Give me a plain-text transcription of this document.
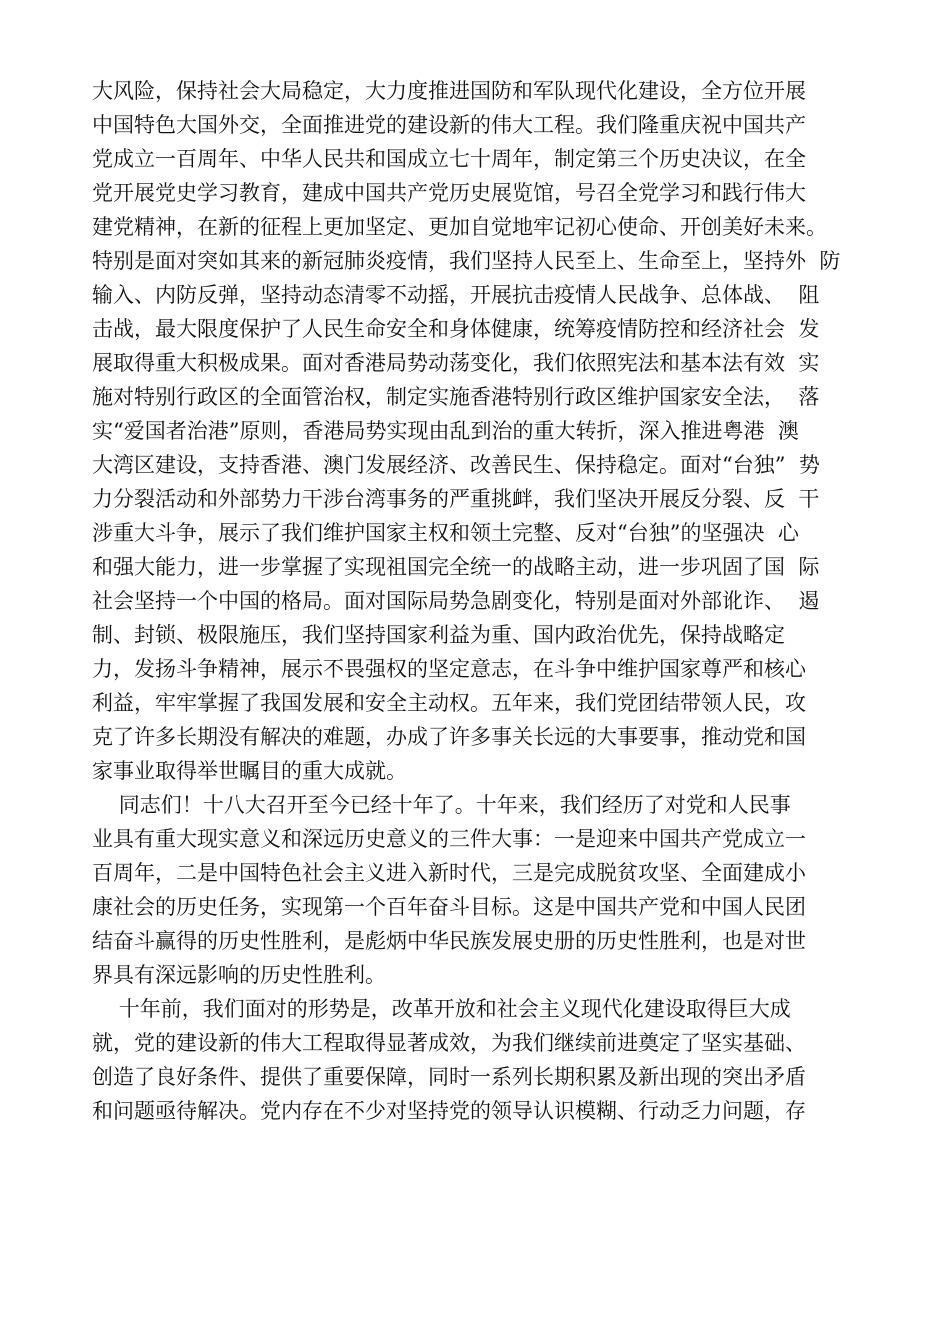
大风险，保持社会大局稳定，大力度推进国防和军队现代化建设，全方位开展
中国特色大国外交，全面推进党的建设新的伟大工程。我们隆重庆祝中国共产
党成立一百周年、中华人民共和国成立七十周年，制定第三个历史决议，在全
党开展党史学习教育，建成中国共产党历史展览馆，号召全党学习和践行伟大
建党精神，在新的征程上更加坚定、更加自觉地牢记初心使命、开创美好未来。
特别是面对突如其来的新冠肺炎疫情，我们坚持人民至上、生命至上，坚持外  防
输入、内防反弹，坚持动态清零不动摇，开展抗击疫情人民战争、总体战、  阻
击战，最大限度保护了人民生命安全和身体健康，统筹疫情防控和经济社会  发
展取得重大积极成果。面对香港局势动荡变化，我们依照宪法和基本法有效  实
施对特别行政区的全面管治权，制定实施香港特别行政区维护国家安全法，  落
实“爱国者治港”原则，香港局势实现由乱到治的重大转折，深入推进粤港  澳
大湾区建设，支持香港、澳门发展经济、改善民生、保持稳定。面对“台独”  势
力分裂活动和外部势力干涉台湾事务的严重挑衅，我们坚决开展反分裂、反  干
涉重大斗争，展示了我们维护国家主权和领土完整、反对“台独”的坚强决  心
和强大能力，进一步掌握了实现祖国完全统一的战略主动，进一步巩固了国  际
社会坚持一个中国的格局。面对国际局势急剧变化，特别是面对外部讹诈、  遏
制、封锁、极限施压，我们坚持国家利益为重、国内政治优先，保持战略定
力，发扬斗争精神，展示不畏强权的坚定意志，在斗争中维护国家尊严和核心
利益，牢牢掌握了我国发展和安全主动权。五年来，我们党团结带领人民，攻
克了许多长期没有解决的难题，办成了许多事关长远的大事要事，推动党和国
家事业取得举世瞩目的重大成就。
同志们！十八大召开至今已经十年了。十年来，我们经历了对党和人民事
业具有重大现实意义和深远历史意义的三件大事：一是迎来中国共产党成立一
百周年，二是中国特色社会主义进入新时代，三是完成脱贫攻坚、全面建成小
康社会的历史任务，实现第一个百年奋斗目标。这是中国共产党和中国人民团
结奋斗赢得的历史性胜利，是彪炳中华民族发展史册的历史性胜利，也是对世
界具有深远影响的历史性胜利。
十年前，我们面对的形势是，改革开放和社会主义现代化建设取得巨大成
就，党的建设新的伟大工程取得显著成效，为我们继续前进奠定了坚实基础、
创造了良好条件、提供了重要保障，同时一系列长期积累及新出现的突出矛盾
和问题亟待解决。党内存在不少对坚持党的领导认识模糊、行动乏力问题，存
